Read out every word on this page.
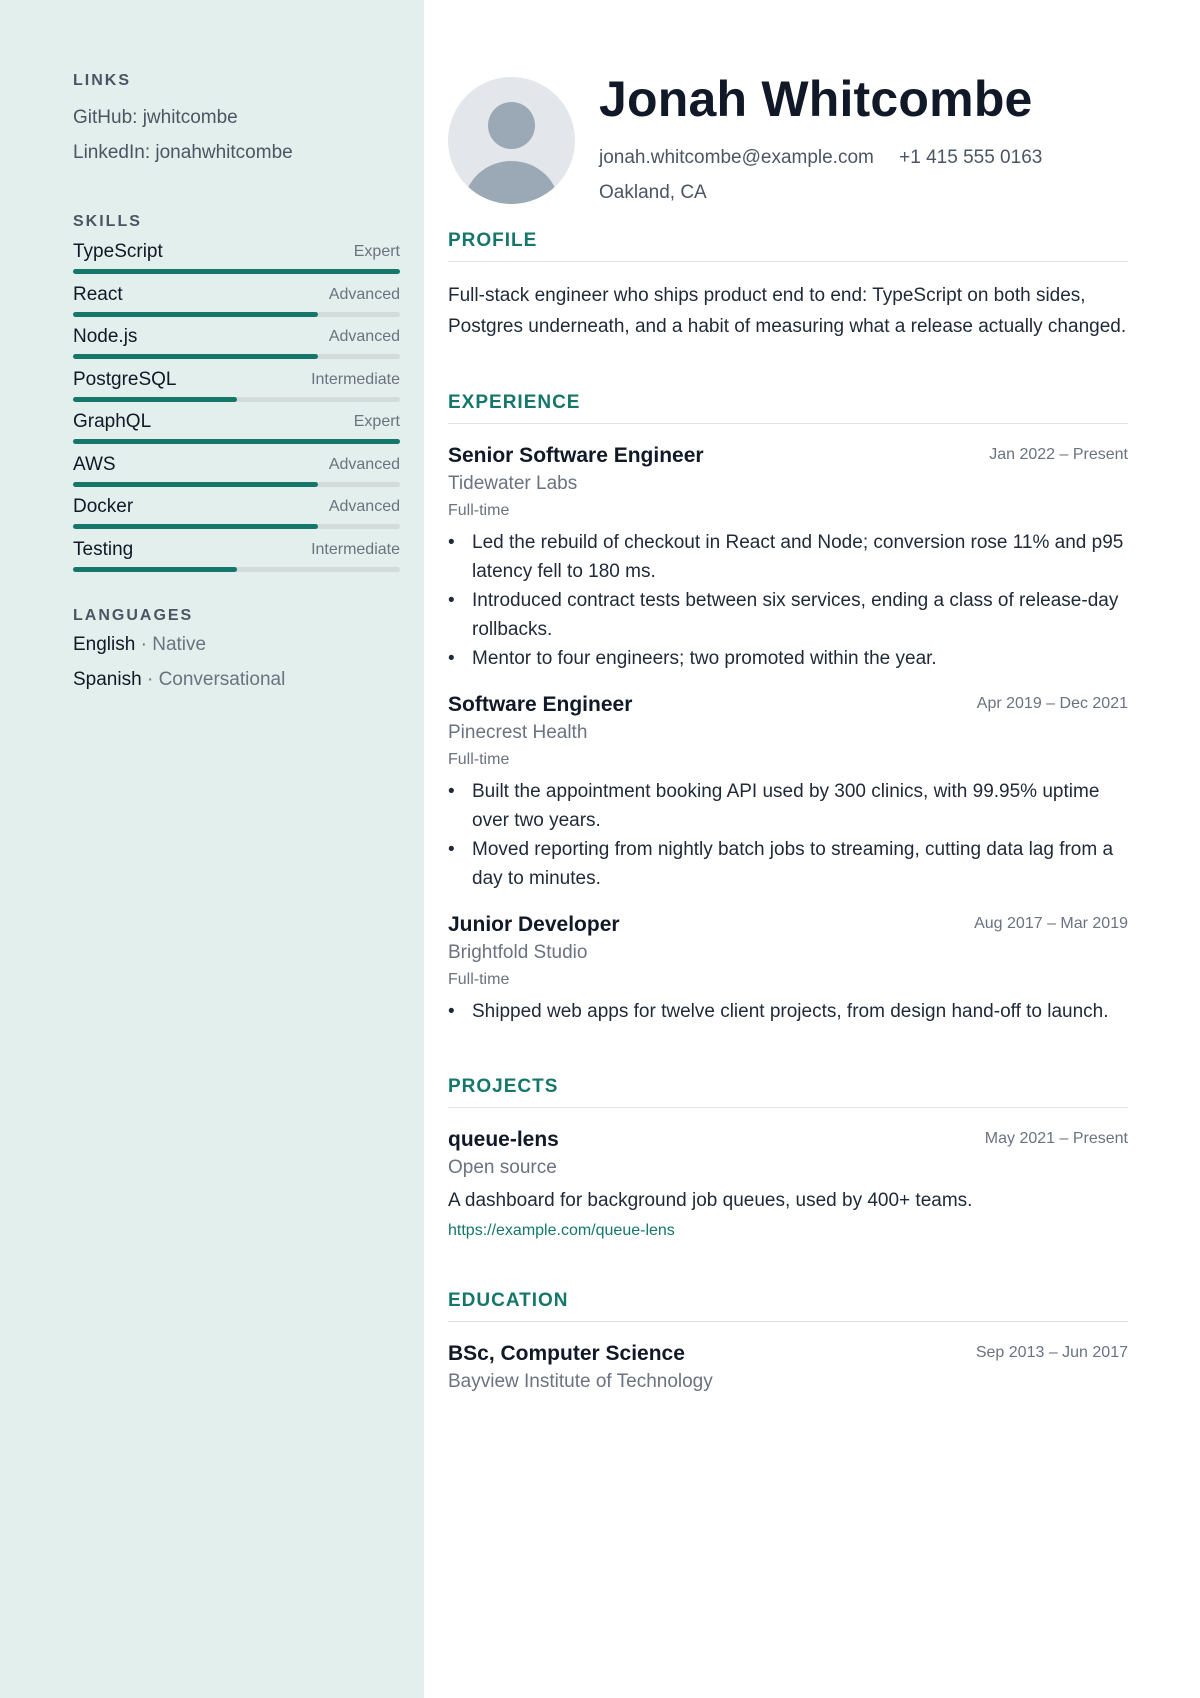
LINKS
GitHub: jwhitcombe
LinkedIn: jonahwhitcombe
SKILLS
TypeScript	Expert
React	Advanced
Node.js	Advanced
PostgreSQL	Intermediate
GraphQL	Expert
AWS	Advanced
Docker	Advanced
Testing	Intermediate
LANGUAGES
English · Native
Spanish · Conversational
Jonah Whitcombe
jonah.whitcombe@example.com +1 415 555 0163
Oakland, CA
PROFILE

Full-stack engineer who ships product end to end: TypeScript on both sides, Postgres underneath, and a habit of measuring what a release actually changed.

EXPERIENCE
Senior Software Engineer	Jan 2022 – Present
Tidewater Labs
Full-time
• Led the rebuild of checkout in React and Node; conversion rose 11% and p95 latency fell to 180 ms.
• Introduced contract tests between six services, ending a class of release-day rollbacks.
• Mentor to four engineers; two promoted within the year.
Software Engineer	Apr 2019 – Dec 2021
Pinecrest Health
Full-time
• Built the appointment booking API used by 300 clinics, with 99.95% uptime over two years.
• Moved reporting from nightly batch jobs to streaming, cutting data lag from a day to minutes.
Junior Developer	Aug 2017 – Mar 2019
Brightfold Studio
Full-time
• Shipped web apps for twelve client projects, from design hand-off to launch.
PROJECTS
queue-lens	May 2021 – Present
Open source
A dashboard for background job queues, used by 400+ teams.
https://example.com/queue-lens
EDUCATION
BSc, Computer Science	Sep 2013 – Jun 2017
Bayview Institute of Technology
